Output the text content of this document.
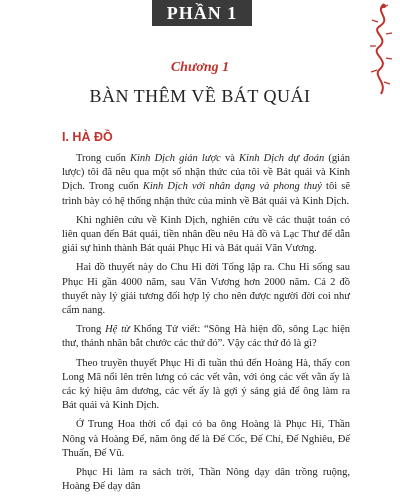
PHẦN 1
Chương 1
BÀN THÊM VỀ BÁT QUÁI
I. HÀ ĐỒ

Trong cuốn Kinh Dịch giản lược và Kinh Dịch dự đoán (giản lược) tôi đã nêu qua một số nhận thức của tôi về Bát quái và Kinh Dịch. Trong cuốn Kinh Dịch với nhân dạng và phong thuỷ tôi sẽ trình bày có hệ thống nhận thức của mình về Bát quái và Kinh Dịch.

Khi nghiên cứu về Kinh Dịch, nghiên cứu về các thuật toán có liên quan đến Bát quái, tiền nhân đều nêu Hà đồ và Lạc Thư để dẫn giải sự hình thành Bát quái Phục Hi và Bát quái Văn Vương.

Hai đồ thuyết này do Chu Hi đời Tống lập ra. Chu Hi sống sau Phục Hi gần 4000 năm, sau Văn Vương hơn 2000 năm. Cả 2 đồ thuyết này lý giải tương đối hợp lý cho nên được người đời coi như cẩm nang.

Trong Hệ từ Khổng Tử viết: “Sông Hà hiện đồ, sông Lạc hiện thư, thánh nhân bắt chước các thứ đó”. Vậy các thứ đó là gì?

Theo truyền thuyết Phục Hi đi tuần thú đến Hoàng Hà, thấy con Long Mã nổi lên trên lưng có các vết vằn, với óng các vết vằn ấy là các ký hiệu âm dương, các vết ấy là gợi ý sáng giá để ông làm ra Bát quái và Kinh Dịch.

Ở Trung Hoa thời cổ đại có ba ông Hoàng là Phục Hi, Thần Nông và Hoàng Đế, năm ông đế là Đế Cốc, Đế Chí, Đế Nghiêu, Đế Thuấn, Đế Vũ.

Phục Hi làm ra sách trời, Thần Nông dạy dân trồng ruộng, Hoàng Đế dạy dân
